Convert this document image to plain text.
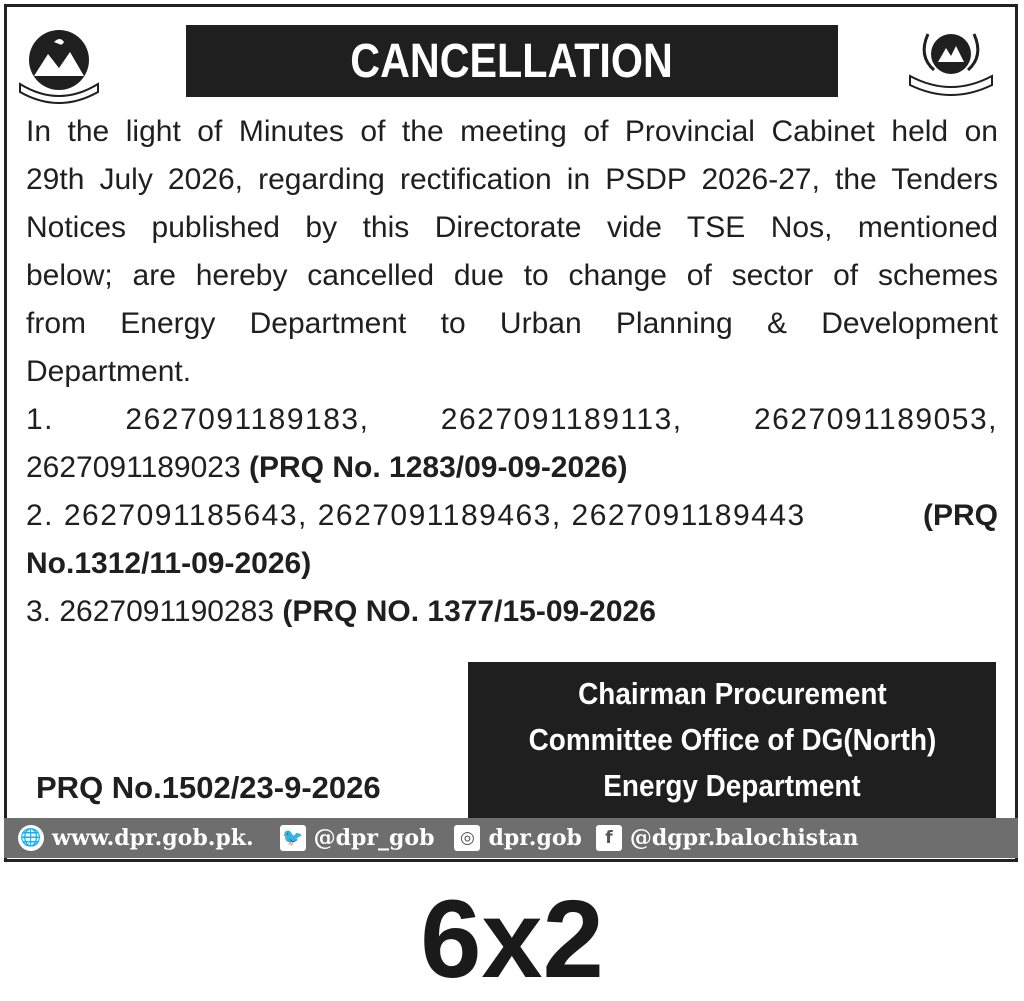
CANCELLATION

In the light of Minutes of the meeting of Provincial Cabinet held on
29th July 2026, regarding rectification in PSDP 2026-27, the Tenders
Notices published by this Directorate vide TSE Nos, mentioned
below; are hereby cancelled due to change of sector of schemes
from Energy Department to Urban Planning & Development
Department.

1. 2627091189183, 2627091189113, 2627091189053,
2627091189023 (PRQ No. 1283/09-09-2026)
2. 2627091185643, 2627091189463, 2627091189443	(PRQ
No.1312/11-09-2026)
3. 2627091190283 (PRQ NO. 1377/15-09-2026
Chairman Procurement
Committee Office of DG(North)
Energy Department
PRQ No.1502/23-9-2026
🌐 www.dpr.gob.pk. 🐦 @dpr_gob	◎ dpr.gob	f @dgpr.balochistan
6x2
